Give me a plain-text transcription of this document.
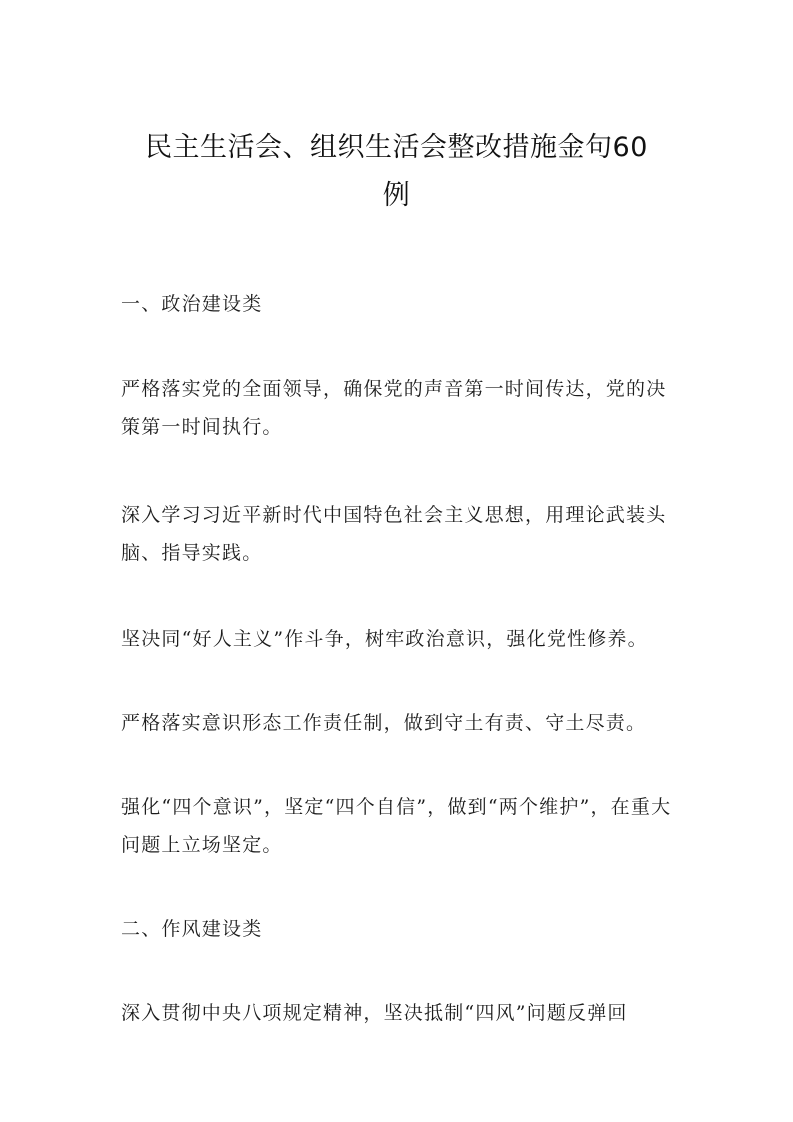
民主生活会、组织生活会整改措施金句60
例

一、政治建设类

严格落实党的全面领导，确保党的声音第一时间传达，党的决策第一时间执行。

深入学习习近平新时代中国特色社会主义思想，用理论武装头脑、指导实践。

坚决同“好人主义”作斗争，树牢政治意识，强化党性修养。

严格落实意识形态工作责任制，做到守土有责、守土尽责。

强化“四个意识”，坚定“四个自信”，做到“两个维护”，在重大问题上立场坚定。

二、作风建设类

深入贯彻中央八项规定精神，坚决抵制“四风”问题反弹回
